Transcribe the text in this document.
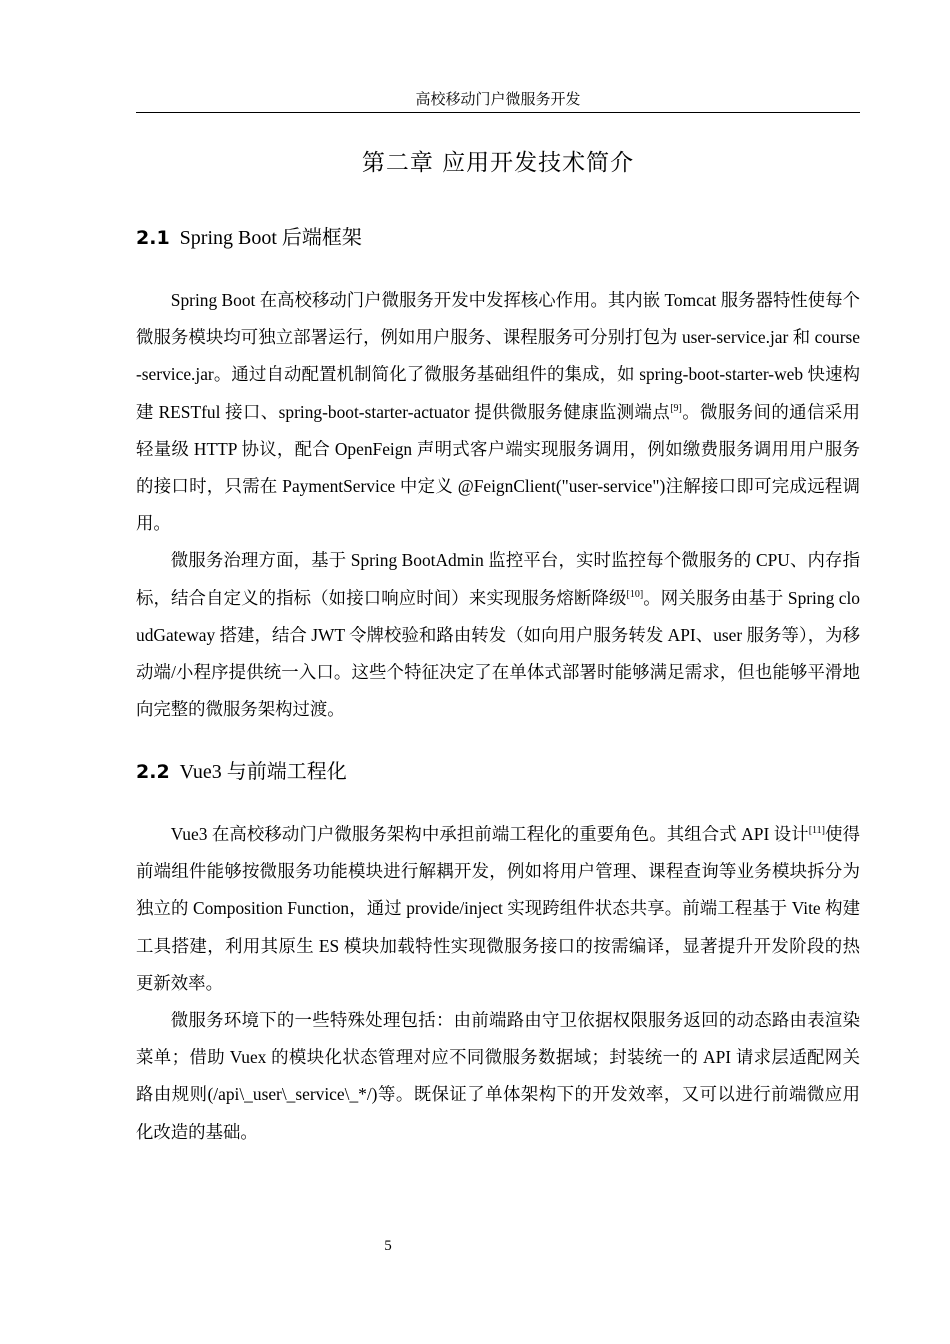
高校移动门户微服务开发
第二章 应用开发技术简介
2.1 Spring Boot 后端框架

Spring Boot 在高校移动门户微服务开发中发挥核心作用。其内嵌 Tomcat 服务器特性使每个微服务模块均可独立部署运行，例如用户服务、课程服务可分别打包为 user-service.jar 和 course-service.jar。通过自动配置机制简化了微服务基础组件的集成，如 spring-boot-starter-web 快速构建 RESTful 接口、spring-boot-starter-actuator 提供微服务健康监测端点[9]。微服务间的通信采用轻量级 HTTP 协议，配合 OpenFeign 声明式客户端实现服务调用，例如缴费服务调用用户服务的接口时，只需在 PaymentService 中定义 @FeignClient("user-service")注解接口即可完成远程调用。

微服务治理方面，基于 Spring BootAdmin 监控平台，实时监控每个微服务的 CPU、内存指标，结合自定义的指标（如接口响应时间）来实现服务熔断降级[10]。网关服务由基于 Spring cloudGateway 搭建，结合 JWT 令牌校验和路由转发（如向用户服务转发 API、user 服务等），为移动端/小程序提供统一入口。这些个特征决定了在单体式部署时能够满足需求，但也能够平滑地向完整的微服务架构过渡。

2.2 Vue3 与前端工程化

Vue3 在高校移动门户微服务架构中承担前端工程化的重要角色。其组合式 API 设计[11]使得前端组件能够按微服务功能模块进行解耦开发，例如将用户管理、课程查询等业务模块拆分为独立的 Composition Function，通过 provide/inject 实现跨组件状态共享。前端工程基于 Vite 构建工具搭建，利用其原生 ES 模块加载特性实现微服务接口的按需编译，显著提升开发阶段的热更新效率。

微服务环境下的一些特殊处理包括：由前端路由守卫依据权限服务返回的动态路由表渲染菜单；借助 Vuex 的模块化状态管理对应不同微服务数据域；封装统一的 API 请求层适配网关路由规则(/api\_user\_service\_*/)等。既保证了单体架构下的开发效率，又可以进行前端微应用化改造的基础。

5
